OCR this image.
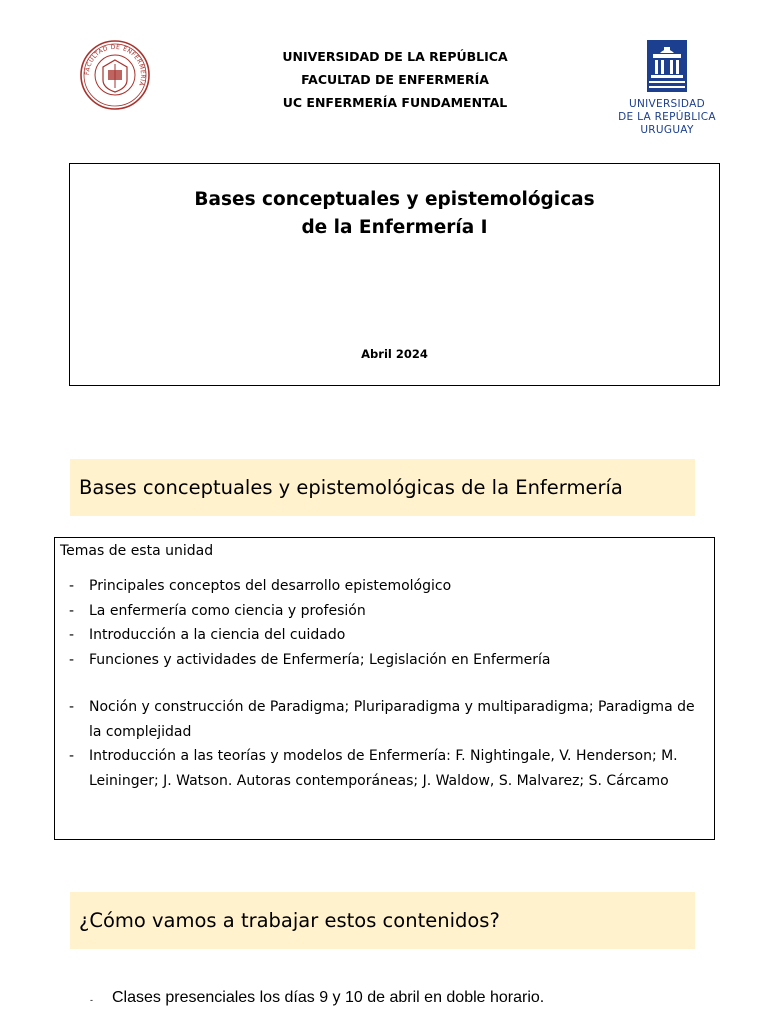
FACULTAD DE ENFERMERÍA
UNIVERSIDAD DE LA REPÚBLICA
FACULTAD DE ENFERMERÍA
UC ENFERMERÍA FUNDAMENTAL	UNIVERSIDAD
DE LA REPÚBLICA
URUGUAY
Bases conceptuales y epistemológicas
de la Enfermería I
Abril 2024
Bases conceptuales y epistemológicas de la Enfermería
Temas de esta unidad
- Principales conceptos del desarrollo epistemológico
- La enfermería como ciencia y profesión
- Introducción a la ciencia del cuidado
- Funciones y actividades de Enfermería; Legislación en Enfermería
- Noción y construcción de Paradigma; Pluriparadigma y multiparadigma; Paradigma de la complejidad
- Introducción a las teorías y modelos de Enfermería: F. Nightingale, V. Henderson; M. Leininger; J. Watson. Autoras contemporáneas; J. Waldow, S. Malvarez; S. Cárcamo
¿Cómo vamos a trabajar estos contenidos?
- Clases presenciales los días 9 y 10 de abril en doble horario.
